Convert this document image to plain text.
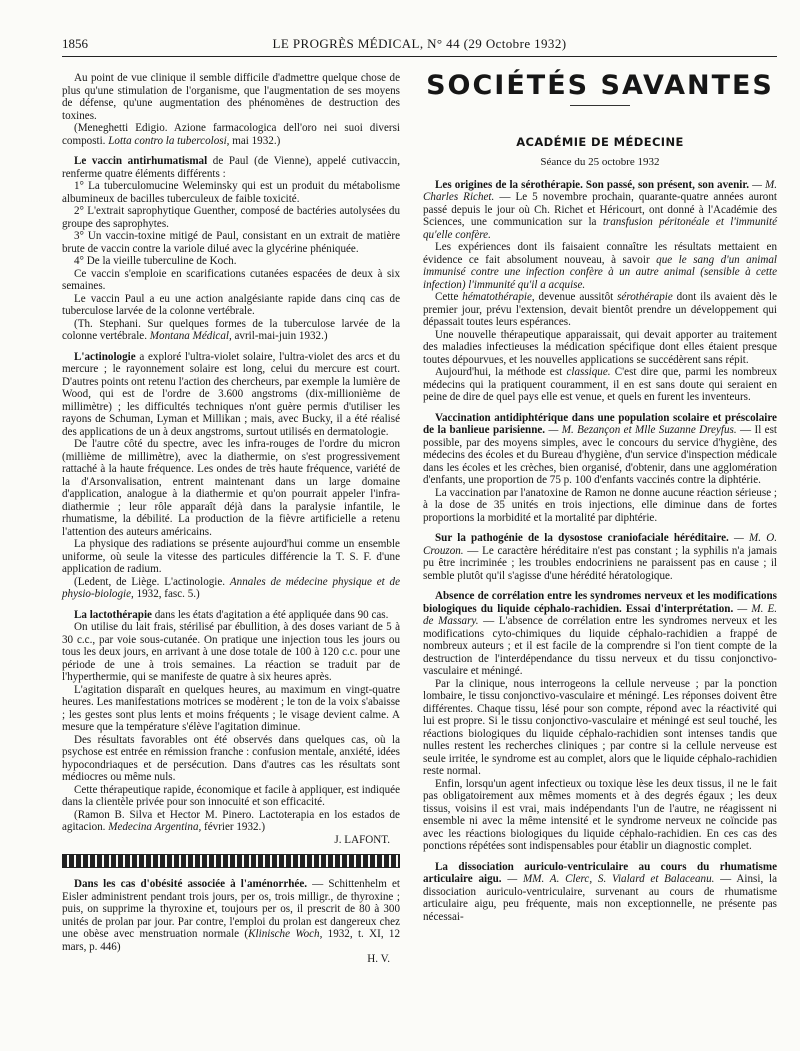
1856	LE PROGRÈS MÉDICAL, N° 44 (29 Octobre 1932)

Au point de vue clinique il semble difficile d'admettre quelque chose de plus qu'une stimulation de l'organisme, que l'augmentation de ses moyens de défense, qu'une augmentation des phénomènes de destruction des toxines.

(Meneghetti Edigio. Azione farmacologica dell'oro nei suoi diversi composti. Lotta contro la tubercolosi, mai 1932.)

Le vaccin antirhumatismal de Paul (de Vienne), appelé cutivaccin, renferme quatre éléments différents :

1° La tuberculomucine Weleminsky qui est un produit du métabolisme albumineux de bacilles tuberculeux de faible toxicité.

2° L'extrait saprophytique Guenther, composé de bactéries autolysées du groupe des saprophytes.

3° Un vaccin-toxine mitigé de Paul, consistant en un extrait de matière brute de vaccin contre la variole dilué avec la glycérine phéniquée.

4° De la vieille tuberculine de Koch.

Ce vaccin s'emploie en scarifications cutanées espacées de deux à six semaines.

Le vaccin Paul a eu une action analgésiante rapide dans cinq cas de tuberculose larvée de la colonne vertébrale.

(Th. Stephani. Sur quelques formes de la tuberculose larvée de la colonne vertébrale. Montana Médical, avril-mai-juin 1932.)

L'actinologie a exploré l'ultra-violet solaire, l'ultra-violet des arcs et du mercure ; le rayonnement solaire est long, celui du mercure est court. D'autres points ont retenu l'action des chercheurs, par exemple la lumière de Wood, qui est de l'ordre de 3.600 angstroms (dix-millionième de millimètre) ; les difficultés techniques n'ont guère permis d'utiliser les rayons de Schuman, Lyman et Millikan ; mais, avec Bucky, il a été réalisé des applications de un à deux angstroms, surtout utilisés en dermatologie.

De l'autre côté du spectre, avec les infra-rouges de l'ordre du micron (millième de millimètre), avec la diathermie, on s'est progressivement rattaché à la haute fréquence. Les ondes de très haute fréquence, variété de la d'Arsonvalisation, entrent maintenant dans un large domaine d'application, analogue à la diathermie et qu'on pourrait appeler l'infra-diathermie ; leur rôle apparaît déjà dans la paralysie infantile, le rhumatisme, la débilité. La production de la fièvre artificielle a retenu l'attention des auteurs américains.

La physique des radiations se présente aujourd'hui comme un ensemble uniforme, où seule la vitesse des particules différencie la T. S. F. d'une application de radium.

(Ledent, de Liège. L'actinologie. Annales de médecine physique et de physio-biologie, 1932, fasc. 5.)

La lactothérapie dans les états d'agitation a été appliquée dans 90 cas.

On utilise du lait frais, stérilisé par ébullition, à des doses variant de 5 à 30 c.c., par voie sous-cutanée. On pratique une injection tous les jours ou tous les deux jours, en arrivant à une dose totale de 100 à 120 c.c. pour une période de une à trois semaines. La réaction se traduit par de l'hyperthermie, qui se manifeste de quatre à six heures après.

L'agitation disparaît en quelques heures, au maximum en vingt-quatre heures. Les manifestations motrices se modèrent ; le ton de la voix s'abaisse ; les gestes sont plus lents et moins fréquents ; le visage devient calme. A mesure que la température s'élève l'agitation diminue.

Des résultats favorables ont été observés dans quelques cas, où la psychose est entrée en rémission franche : confusion mentale, anxiété, idées hypocondriaques et de persécution. Dans d'autres cas les résultats sont médiocres ou même nuls.

Cette thérapeutique rapide, économique et facile à appliquer, est indiquée dans la clientèle privée pour son innocuité et son efficacité.

(Ramon B. Silva et Hector M. Pinero. Lactoterapia en los estados de agitacion. Medecina Argentina, février 1932.)

J. LAFONT.

Dans les cas d'obésité associée à l'aménorrhée. — Schittenhelm et Eisler administrent pendant trois jours, per os, trois milligr., de thyroxine ; puis, on supprime la thyroxine et, toujours per os, il prescrit de 80 à 300 unités de prolan par jour. Par contre, l'emploi du prolan est dangereux chez une obèse avec menstruation normale (Klinische Woch, 1932, t. XI, 12 mars, p. 446)

H. V.

SOCIÉTÉS SAVANTES
ACADÉMIE DE MÉDECINE
Séance du 25 octobre 1932

Les origines de la sérothérapie. Son passé, son présent, son avenir. — M. Charles Richet. — Le 5 novembre prochain, quarante-quatre années auront passé depuis le jour où Ch. Richet et Héricourt, ont donné à l'Académie des Sciences, une communication sur la transfusion péritonéale et l'immunité qu'elle confère.

Les expériences dont ils faisaient connaître les résultats mettaient en évidence ce fait absolument nouveau, à savoir que le sang d'un animal immunisé contre une infection confère à un autre animal (sensible à cette infection) l'immunité qu'il a acquise.

Cette hématothérapie, devenue aussitôt sérothérapie dont ils avaient dès le premier jour, prévu l'extension, devait bientôt prendre un développement qui dépassait toutes leurs espérances.

Une nouvelle thérapeutique apparaissait, qui devait apporter au traitement des maladies infectieuses la médication spécifique dont elles étaient presque toutes dépourvues, et les nouvelles applications se succédèrent sans répit.

Aujourd'hui, la méthode est classique. C'est dire que, parmi les nombreux médecins qui la pratiquent couramment, il en est sans doute qui seraient en peine de dire de quel pays elle est venue, et quels en furent les inventeurs.

Vaccination antidiphtérique dans une population scolaire et préscolaire de la banlieue parisienne. — M. Bezançon et Mlle Suzanne Dreyfus. — Il est possible, par des moyens simples, avec le concours du service d'hygiène, des médecins des écoles et du Bureau d'hygiène, d'un service d'inspection médicale dans les écoles et les crèches, bien organisé, d'obtenir, dans une agglomération d'enfants, une proportion de 75 p. 100 d'enfants vaccinés contre la diphtérie.

La vaccination par l'anatoxine de Ramon ne donne aucune réaction sérieuse ; à la dose de 35 unités en trois injections, elle diminue dans de fortes proportions la morbidité et la mortalité par diphtérie.

Sur la pathogénie de la dysostose craniofaciale héréditaire. — M. O. Crouzon. — Le caractère héréditaire n'est pas constant ; la syphilis n'a jamais pu être incriminée ; les troubles endocriniens ne paraissent pas en cause ; il semble plutôt qu'il s'agisse d'une hérédité hératologique.

Absence de corrélation entre les syndromes nerveux et les modifications biologiques du liquide céphalo-rachidien. Essai d'interprétation. — M. E. de Massary. — L'absence de corrélation entre les syndromes nerveux et les modifications cyto-chimiques du liquide céphalo-rachidien a frappé de nombreux auteurs ; et il est facile de la comprendre si l'on tient compte de la destruction de l'interdépendance du tissu nerveux et du tissu conjonctivo-vasculaire et méningé.

Par la clinique, nous interrogeons la cellule nerveuse ; par la ponction lombaire, le tissu conjonctivo-vasculaire et méningé. Les réponses doivent être différentes. Chaque tissu, lésé pour son compte, répond avec la réactivité qui lui est propre. Si le tissu conjonctivo-vasculaire et méningé est seul touché, les réactions biologiques du liquide céphalo-rachidien sont intenses tandis que nulles restent les recherches cliniques ; par contre si la cellule nerveuse est seule irritée, le syndrome est au complet, alors que le liquide céphalo-rachidien reste normal.

Enfin, lorsqu'un agent infectieux ou toxique lèse les deux tissus, il ne le fait pas obligatoirement aux mêmes moments et à des degrés égaux ; les deux tissus, voisins il est vrai, mais indépendants l'un de l'autre, ne réagissent ni ensemble ni avec la même intensité et le syndrome nerveux ne coïncide pas avec les réactions biologiques du liquide céphalo-rachidien. En ces cas des ponctions répétées sont indispensables pour établir un diagnostic complet.

La dissociation auriculo-ventriculaire au cours du rhumatisme articulaire aigu. — MM. A. Clerc, S. Vialard et Balaceanu. — Ainsi, la dissociation auriculo-ventriculaire, survenant au cours de rhumatisme articulaire aigu, peu fréquente, mais non exceptionnelle, ne présente pas nécessai-
